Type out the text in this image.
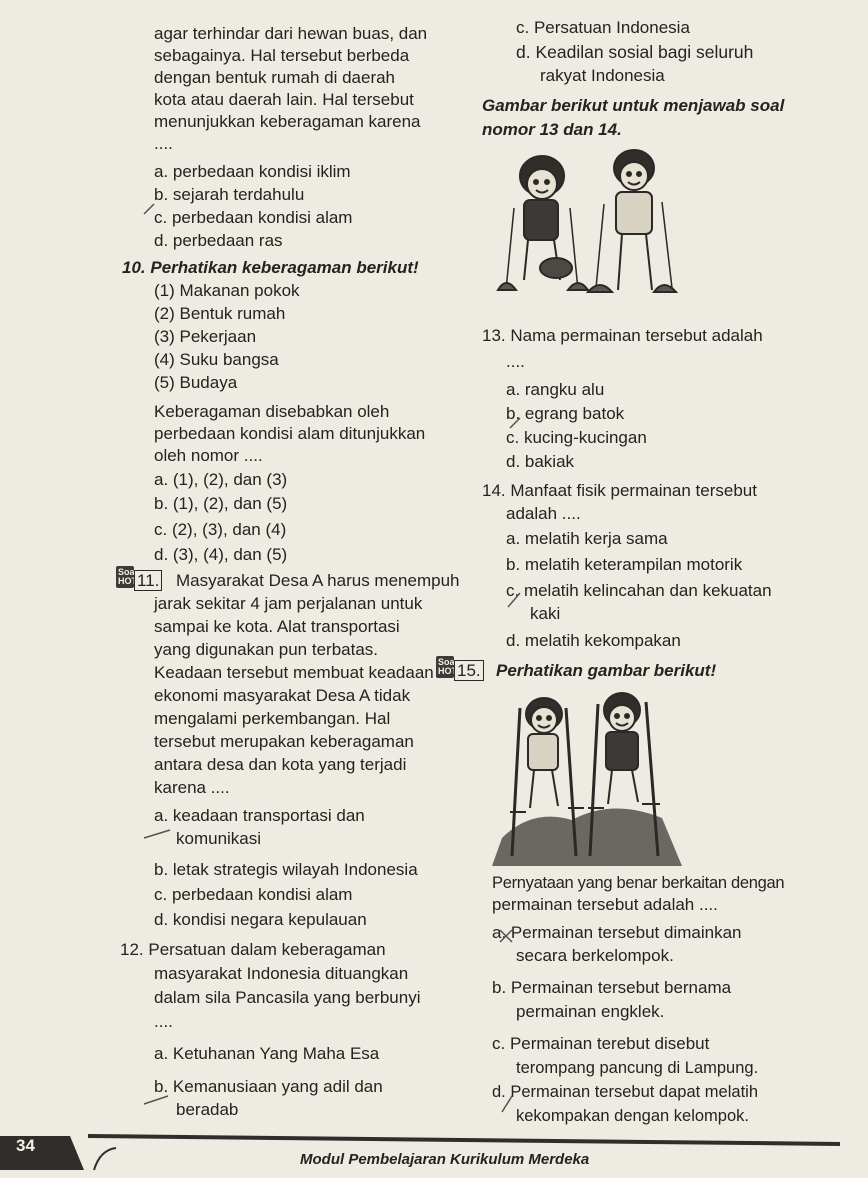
agar terhindar dari hewan buas, dan
sebagainya. Hal tersebut berbeda
dengan bentuk rumah di daerah
kota atau daerah lain. Hal tersebut
menunjukkan keberagaman karena
....
a. perbedaan kondisi iklim
b. sejarah terdahulu
c. perbedaan kondisi alam
d. perbedaan ras
10. Perhatikan keberagaman berikut!
(1) Makanan pokok
(2) Bentuk rumah
(3) Pekerjaan
(4) Suku bangsa
(5) Budaya
Keberagaman disebabkan oleh
perbedaan kondisi alam ditunjukkan
oleh nomor ....
a. (1), (2), dan (3)
b. (1), (2), dan (5)
c. (2), (3), dan (4)
d. (3), (4), dan (5)
Soal HOTS
11. Masyarakat Desa A harus menempuh
jarak sekitar 4 jam perjalanan untuk
sampai ke kota. Alat transportasi
yang digunakan pun terbatas.
Keadaan tersebut membuat keadaan
ekonomi masyarakat Desa A tidak
mengalami perkembangan. Hal
tersebut merupakan keberagaman
antara desa dan kota yang terjadi
karena ....
a. keadaan transportasi dan
komunikasi
b. letak strategis wilayah Indonesia
c. perbedaan kondisi alam
d. kondisi negara kepulauan
12. Persatuan dalam keberagaman
masyarakat Indonesia dituangkan
dalam sila Pancasila yang berbunyi
....
a. Ketuhanan Yang Maha Esa
b. Kemanusiaan yang adil dan
beradab
c. Persatuan Indonesia
d. Keadilan sosial bagi seluruh
rakyat Indonesia
Gambar berikut untuk menjawab soal
nomor 13 dan 14.
13. Nama permainan tersebut adalah
....
a. rangku alu
b. egrang batok
c. kucing-kucingan
d. bakiak
14. Manfaat fisik permainan tersebut
adalah ....
a. melatih kerja sama
b. melatih keterampilan motorik
c. melatih kelincahan dan kekuatan
kaki
d. melatih kekompakan
Soal HOTS
15. Perhatikan gambar berikut!
Pernyataan yang benar berkaitan dengan
permainan tersebut adalah ....
a. Permainan tersebut dimainkan
secara berkelompok.
b. Permainan tersebut bernama
permainan engklek.
c. Permainan terebut disebut
terompang pancung di Lampung.
d. Permainan tersebut dapat melatih
kekompakan dengan kelompok.
34
Modul Pembelajaran Kurikulum Merdeka
